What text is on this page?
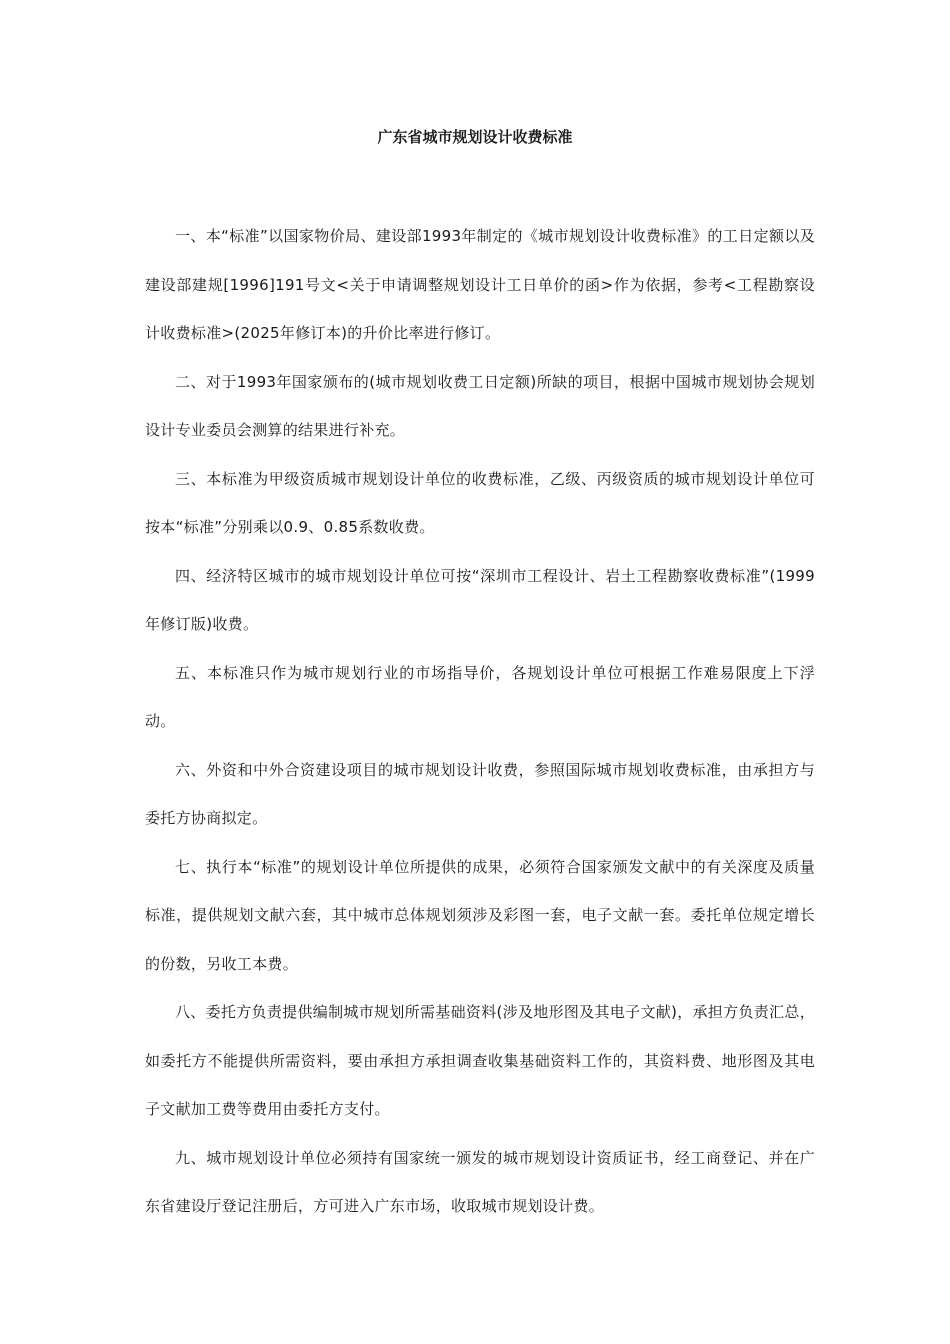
广东省城市规划设计收费标准

一、本“标准”以国家物价局、建设部1993年制定的《城市规划设计收费标准》的工日定额以及建设部建规[1996]191号文<关于申请调整规划设计工日单价的函>作为依据，参考<工程勘察设计收费标准>(2025年修订本)的升价比率进行修订。

二、对于1993年国家颁布的(城市规划收费工日定额)所缺的项目，根据中国城市规划协会规划设计专业委员会测算的结果进行补充。

三、本标准为甲级资质城市规划设计单位的收费标准，乙级、丙级资质的城市规划设计单位可按本“标准”分别乘以0.9、0.85系数收费。

四、经济特区城市的城市规划设计单位可按“深圳市工程设计、岩土工程勘察收费标准”(1999年修订版)收费。

五、本标准只作为城市规划行业的市场指导价，各规划设计单位可根据工作难易限度上下浮动。

六、外资和中外合资建设项目的城市规划设计收费，参照国际城市规划收费标准，由承担方与委托方协商拟定。

七、执行本“标准”的规划设计单位所提供的成果，必须符合国家颁发文献中的有关深度及质量标准，提供规划文献六套，其中城市总体规划须涉及彩图一套，电子文献一套。委托单位规定增长的份数，另收工本费。

八、委托方负责提供编制城市规划所需基础资料(涉及地形图及其电子文献)，承担方负责汇总，如委托方不能提供所需资料，要由承担方承担调查收集基础资料工作的，其资料费、地形图及其电子文献加工费等费用由委托方支付。

九、城市规划设计单位必须持有国家统一颁发的城市规划设计资质证书，经工商登记、并在广东省建设厅登记注册后，方可进入广东市场，收取城市规划设计费。
